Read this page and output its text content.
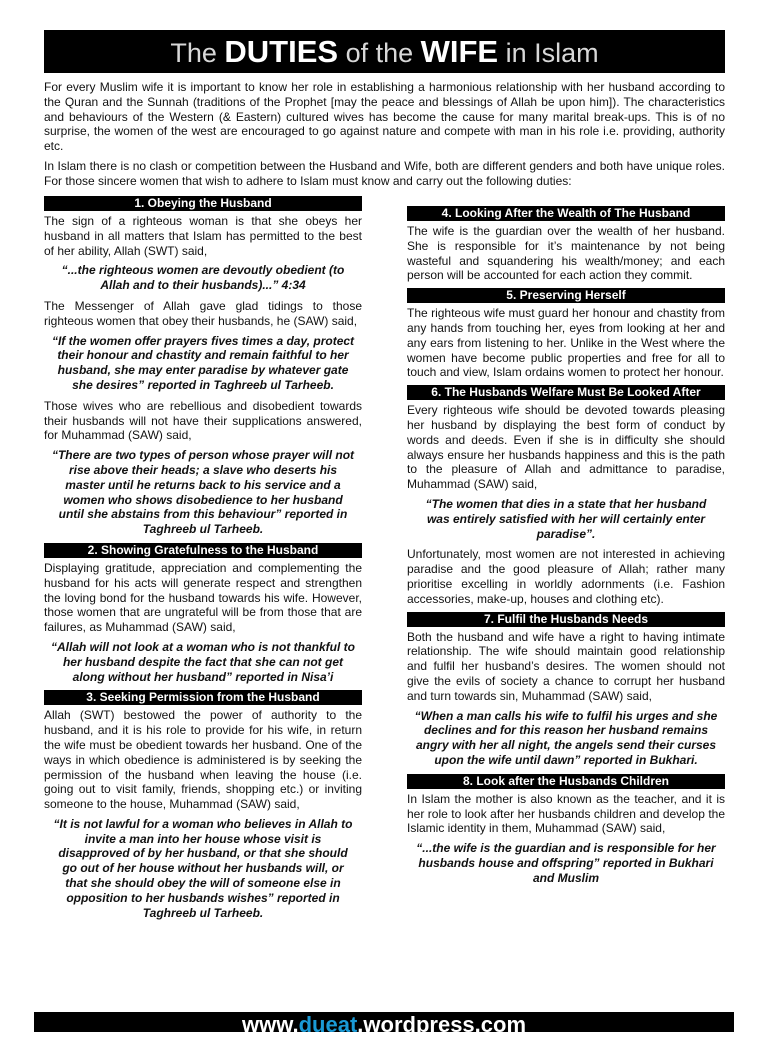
The DUTIES of the WIFE in Islam

For every Muslim wife it is important to know her role in establishing a harmonious relationship with her husband according to the Quran and the Sunnah (traditions of the Prophet [may the peace and blessings of Allah be upon him]). The characteristics and behaviours of the Western (& Eastern) cultured wives has become the cause for many marital break-ups. This is of no surprise, the women of the west are encouraged to go against nature and compete with man in his role i.e. providing, authority etc.

In Islam there is no clash or competition between the Husband and Wife, both are different genders and both have unique roles. For those sincere women that wish to adhere to Islam must know and carry out the following duties:

1. Obeying the Husband

The sign of a righteous woman is that she obeys her husband in all matters that Islam has permitted to the best of her ability, Allah (SWT) said,

“...the righteous women are devoutly obedient (to Allah and to their husbands)...” 4:34

The Messenger of Allah gave glad tidings to those righteous women that obey their husbands, he (SAW) said,

“If the women offer prayers fives times a day, protect their honour and chastity and remain faithful to her husband, she may enter paradise by whatever gate she desires” reported in Taghreeb ul Tarheeb.

Those wives who are rebellious and disobedient towards their husbands will not have their supplications answered, for Muhammad (SAW) said,

“There are two types of person whose prayer will not rise above their heads; a slave who deserts his master until he returns back to his service and a women who shows disobedience to her husband until she abstains from this behaviour” reported in Taghreeb ul Tarheeb.

2. Showing Gratefulness to the Husband

Displaying gratitude, appreciation and complementing the husband for his acts will generate respect and strengthen the loving bond for the husband towards his wife. However, those women that are ungrateful will be from those that are failures, as Muhammad (SAW) said,

“Allah will not look at a woman who is not thankful to her husband despite the fact that she can not get along without her husband” reported in Nisa’i

3. Seeking Permission from the Husband

Allah (SWT) bestowed the power of authority to the husband, and it is his role to provide for his wife, in return the wife must be obedient towards her husband. One of the ways in which obedience is administered is by seeking the permission of the husband when leaving the house (i.e. going out to visit family, friends, shopping etc.) or inviting someone to the house, Muhammad (SAW) said,

“It is not lawful for a woman who believes in Allah to invite a man into her house whose visit is disapproved of by her husband, or that she should go out of her house without her husbands will, or that she should obey the will of someone else in opposition to her husbands wishes” reported in Taghreeb ul Tarheeb.

4. Looking After the Wealth of The Husband

The wife is the guardian over the wealth of her husband. She is responsible for it’s maintenance by not being wasteful and squandering his wealth/money; and each person will be accounted for each action they commit.

5. Preserving Herself

The righteous wife must guard her honour and chastity from any hands from touching her, eyes from looking at her and any ears from listening to her. Unlike in the West where the women have become public properties and free for all to touch and view, Islam ordains women to protect her honour.

6. The Husbands Welfare Must Be Looked After

Every righteous wife should be devoted towards pleasing her husband by displaying the best form of conduct by words and deeds. Even if she is in difficulty she should always ensure her husbands happiness and this is the path to the pleasure of Allah and admittance to paradise, Muhammad (SAW) said,

“The women that dies in a state that her husband was entirely satisfied with her will certainly enter paradise”.

Unfortunately, most women are not interested in achieving paradise and the good pleasure of Allah; rather many prioritise excelling in worldly adornments (i.e. Fashion accessories, make-up, houses and clothing etc).

7. Fulfil the Husbands Needs

Both the husband and wife have a right to having intimate relationship. The wife should maintain good relationship and fulfil her husband’s desires. The women should not give the evils of society a chance to corrupt her husband and turn towards sin, Muhammad (SAW) said,

“When a man calls his wife to fulfil his urges and she declines and for this reason her husband remains angry with her all night, the angels send their curses upon the wife until dawn” reported in Bukhari.

8. Look after the Husbands Children

In Islam the mother is also known as the teacher, and it is her role to look after her husbands children and develop the Islamic identity in them, Muhammad (SAW) said,

“...the wife is the guardian and is responsible for her husbands house and offspring” reported in Bukhari and Muslim

www.dueat.wordpress.com
